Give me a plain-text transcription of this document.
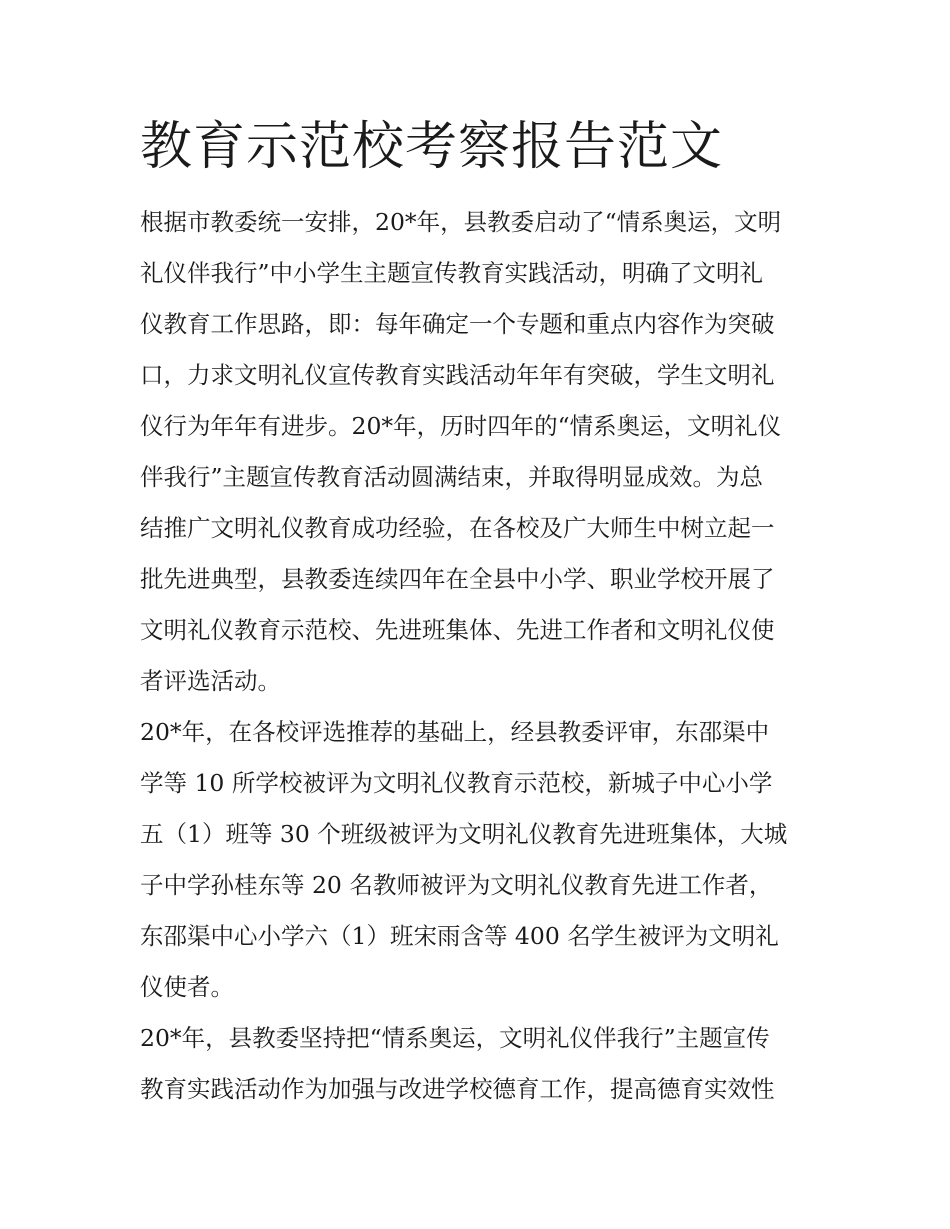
教育示范校考察报告范文
根据市教委统一安排，20*年，县教委启动了“情系奥运，文明
礼仪伴我行”中小学生主题宣传教育实践活动，明确了文明礼
仪教育工作思路，即：每年确定一个专题和重点内容作为突破
口，力求文明礼仪宣传教育实践活动年年有突破，学生文明礼
仪行为年年有进步。20*年，历时四年的“情系奥运，文明礼仪
伴我行”主题宣传教育活动圆满结束，并取得明显成效。为总
结推广文明礼仪教育成功经验，在各校及广大师生中树立起一
批先进典型，县教委连续四年在全县中小学、职业学校开展了
文明礼仪教育示范校、先进班集体、先进工作者和文明礼仪使
者评选活动。
20*年，在各校评选推荐的基础上，经县教委评审，东邵渠中
学等 10 所学校被评为文明礼仪教育示范校，新城子中心小学
五（1）班等 30 个班级被评为文明礼仪教育先进班集体，大城
子中学孙桂东等 20 名教师被评为文明礼仪教育先进工作者，
东邵渠中心小学六（1）班宋雨含等 400 名学生被评为文明礼
仪使者。
20*年，县教委坚持把“情系奥运，文明礼仪伴我行”主题宣传
教育实践活动作为加强与改进学校德育工作，提高德育实效性
